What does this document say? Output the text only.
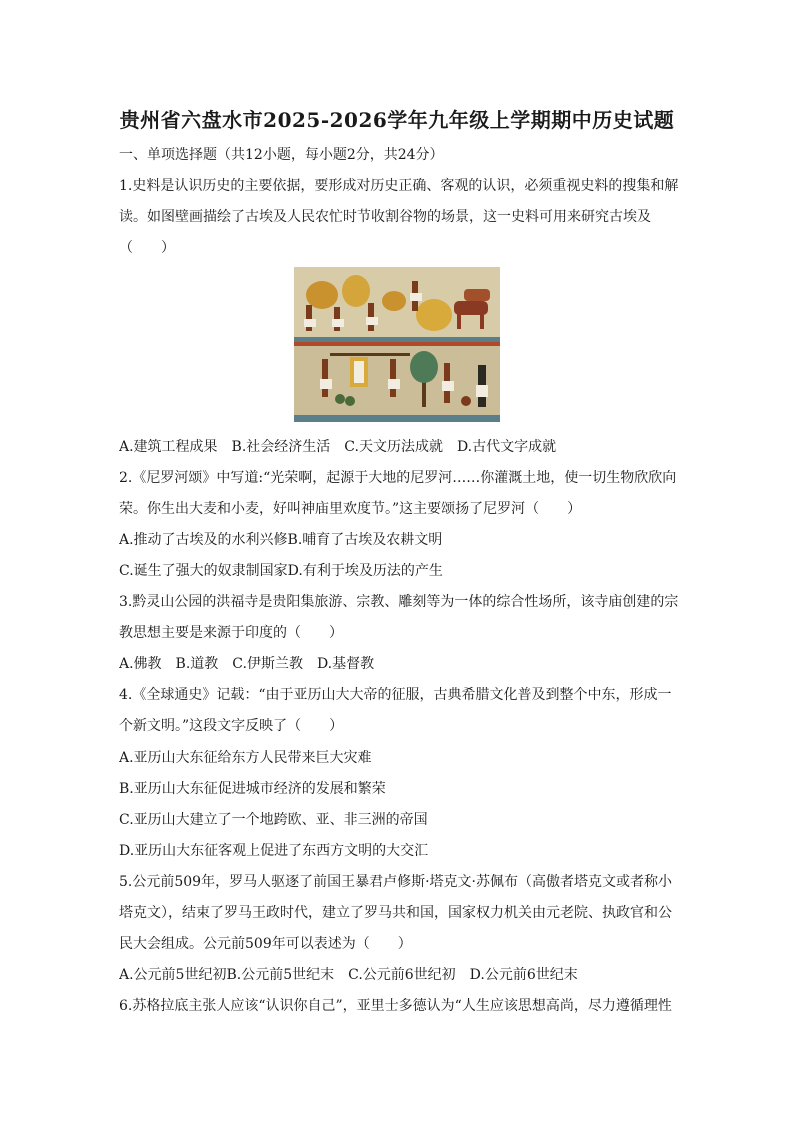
贵州省六盘水市2025-2026学年九年级上学期期中历史试题
一、单项选择题（共12小题，每小题2分，共24分）
1.史料是认识历史的主要依据，要形成对历史正确、客观的认识，必须重视史料的搜集和解
读。如图壁画描绘了古埃及人民农忙时节收割谷物的场景，这一史料可用来研究古埃及
（　　）
A.建筑工程成果　B.社会经济生活　C.天文历法成就　D.古代文字成就
2.《尼罗河颂》中写道:“光荣啊，起源于大地的尼罗河……你灌溉土地，使一切生物欣欣向
荣。你生出大麦和小麦，好叫神庙里欢度节。”这主要颂扬了尼罗河（　　）
A.推动了古埃及的水利兴修B.哺育了古埃及农耕文明
C.诞生了强大的奴隶制国家D.有利于埃及历法的产生
3.黔灵山公园的洪福寺是贵阳集旅游、宗教、雕刻等为一体的综合性场所，该寺庙创建的宗
教思想主要是来源于印度的（　　）
A.佛教　B.道教　C.伊斯兰教　D.基督教
4.《全球通史》记载：“由于亚历山大大帝的征服，古典希腊文化普及到整个中东，形成一
个新文明。”这段文字反映了（　　）
A.亚历山大东征给东方人民带来巨大灾难
B.亚历山大东征促进城市经济的发展和繁荣
C.亚历山大建立了一个地跨欧、亚、非三洲的帝国
D.亚历山大东征客观上促进了东西方文明的大交汇
5.公元前509年，罗马人驱逐了前国王暴君卢修斯·塔克文·苏佩布（高傲者塔克文或者称小
塔克文），结束了罗马王政时代，建立了罗马共和国，国家权力机关由元老院、执政官和公
民大会组成。公元前509年可以表述为（　　）
A.公元前5世纪初B.公元前5世纪末　C.公元前6世纪初　D.公元前6世纪末
6.苏格拉底主张人应该“认识你自己”，亚里士多德认为“人生应该思想高尚，尽力遵循理性
